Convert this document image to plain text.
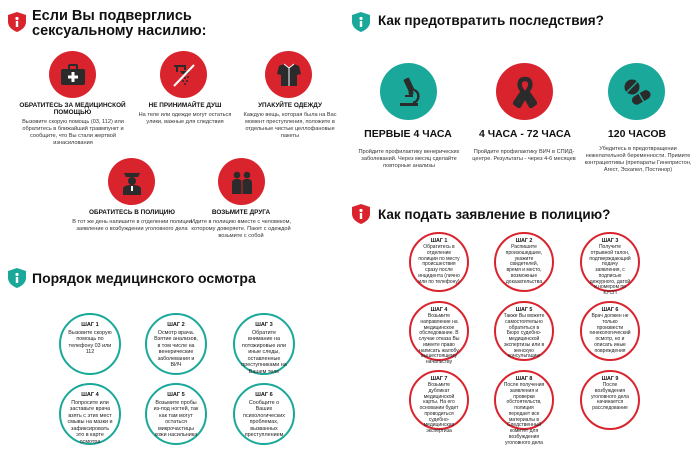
Если Вы подверглись
сексуальному насилию:
ОБРАТИТЕСЬ ЗА МЕДИЦИНСКОЙ ПОМОЩЬЮ
Вызовите скорую помощь (03, 112) или обратитесь в ближайший травмпункт и сообщите, что Вы стали жертвой изнасилования
НЕ ПРИНИМАЙТЕ ДУШ
На теле или одежде могут остаться улики, важные для следствия
УПАКУЙТЕ ОДЕЖДУ
Каждую вещь, которая была на Вас момент преступления, положите в отдельные чистые целлофановые пакеты
ОБРАТИТЕСЬ В ПОЛИЦИЮ
В тот же день напишите в отделении полиции заявление о возбуждении уголовного дела
ВОЗЬМИТЕ ДРУГА
Идите в полицию вместе с человеком, которому доверяете. Пакет с одеждой возьмите с собой
Порядок медицинского осмотра
ШАГ 1
Вызовите скорую помощь по телефону 03 или 112
ШАГ 2
Осмотр врача. Взятие анализов, в том числе на венерические заболевания и ВИЧ
ШАГ 3
Обратите внимание на потожировые или иные следы, оставленные преступниками на Вашем теле
ШАГ 4
Попросите или заставьте врача взять с этих мест смывы на мазки и зафиксировать это в карте осмотра
ШАГ 5
Возьмите пробы из-под ногтей, так как там могут остаться микрочастицы кожи насильника
ШАГ 6
Сообщите о Ваших психологических проблемах, вызванных преступлением
Как предотвратить последствия?
ПЕРВЫЕ 4 ЧАСА
Пройдите профилактику венерических заболеваний. Через месяц сделайте повторные анализы
4 ЧАСА - 72 ЧАСА
Пройдите профилактику ВИЧ в СПИД-центре. Результаты - через 4-6 месяцев
120 ЧАСОВ
Убедитесь в предотвращении нежелательной беременности. Примите контрацептивы (препараты Гинепристон, Агест, Эскапел, Постинор)
Как подать заявление в полицию?
ШАГ 1
Обратитесь в отделение полиции по месту происшествия сразу после инцидента (лично или по телефону)
ШАГ 2
Распишите произошедшее, укажите свидетелей, время и место, возможные доказательства
ШАГ 3
Получите отрывной талон, подтверждающий подачу заявления, с подписью дежурного, датой и номером по КУСП
ШАГ 4
Возьмите направление на медицинское обследование. В случае отказа Вы имеете право написать жалобу вышестоящему начальству
ШАГ 5
Также Вы можете самостоятельно обратиться в Бюро судебно-медицинской экспертизы или в женскую консультацию
ШАГ 6
Врач должен не только произвести гинекологический осмотр, но и описать иные повреждения
ШАГ 7
Возьмите дубликат медицинской карты. На его основании будет проводиться судебно-медицинская экспертиза
ШАГ 8
После получения заявления и проверки обстоятельств, полиция передает все материалы в Следственный комитет для возбуждения уголовного дела
ШАГ 9
После возбуждения уголовного дела начинается расследование
